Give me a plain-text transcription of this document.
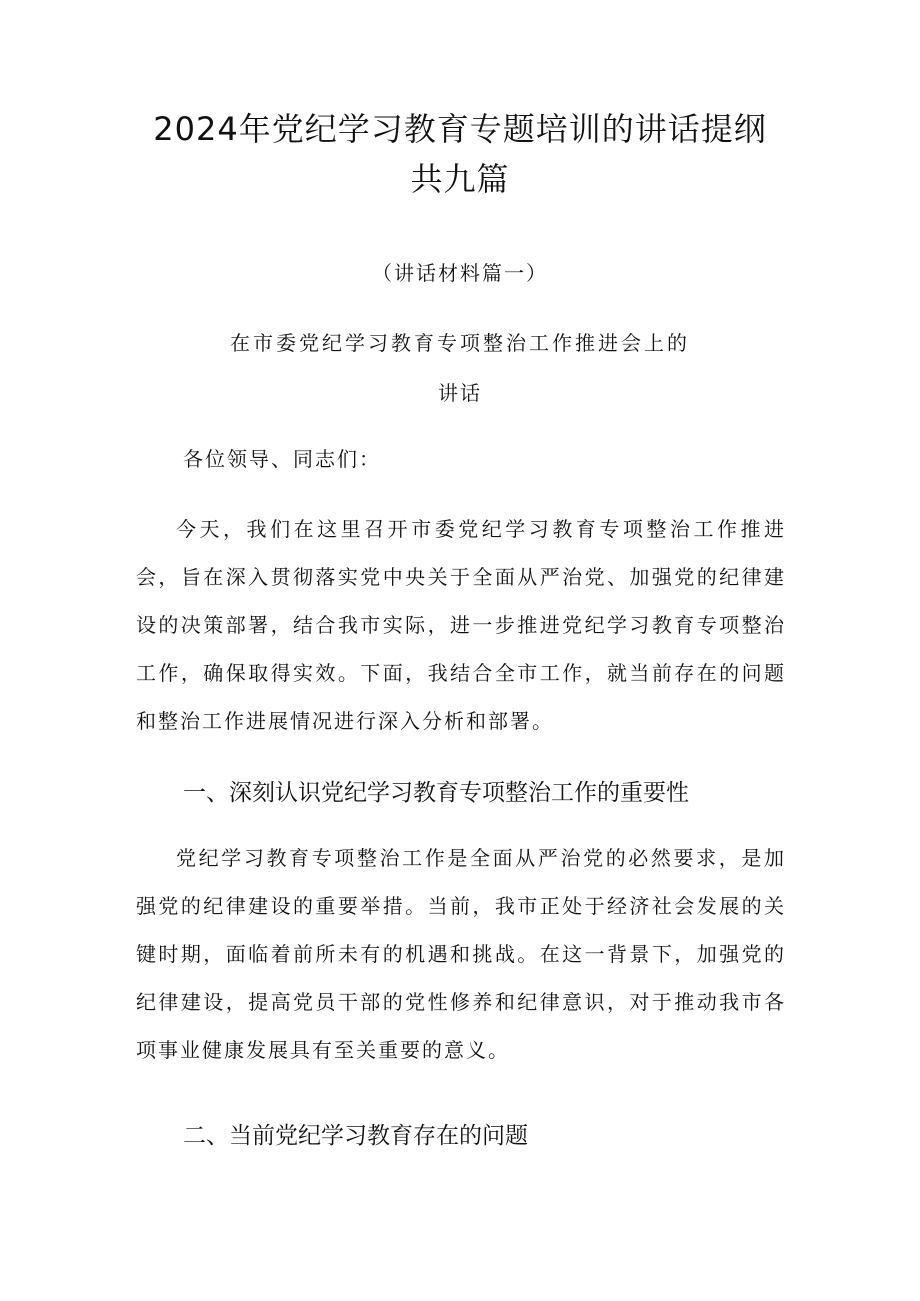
2024年党纪学习教育专题培训的讲话提纲
共九篇

（讲话材料篇一）

在市委党纪学习教育专项整治工作推进会上的

讲话

各位领导、同志们：

今天，我们在这里召开市委党纪学习教育专项整治工作推进会，旨在深入贯彻落实党中央关于全面从严治党、加强党的纪律建设的决策部署，结合我市实际，进一步推进党纪学习教育专项整治工作，确保取得实效。下面，我结合全市工作，就当前存在的问题和整治工作进展情况进行深入分析和部署。

一、深刻认识党纪学习教育专项整治工作的重要性

党纪学习教育专项整治工作是全面从严治党的必然要求，是加强党的纪律建设的重要举措。当前，我市正处于经济社会发展的关键时期，面临着前所未有的机遇和挑战。在这一背景下，加强党的纪律建设，提高党员干部的党性修养和纪律意识，对于推动我市各项事业健康发展具有至关重要的意义。

二、当前党纪学习教育存在的问题
